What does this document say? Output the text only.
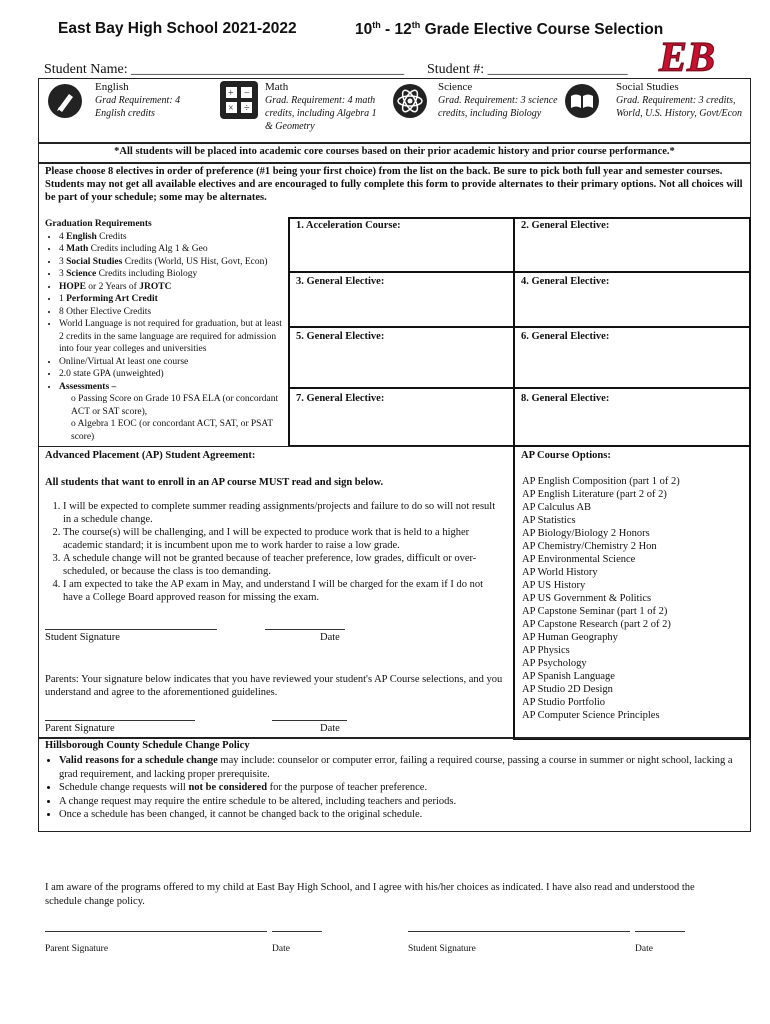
East Bay High School 2021-2022	10th - 12th Grade Elective Course Selection
EB
Student Name: _______________________________________ Student #: ____________________
English
Grad Requirement: 4 English credits
+ −
× ÷
Math
Grad. Requirement: 4 math credits, including Algebra 1 & Geometry
Science
Grad. Requirement: 3 science credits, including Biology
Social Studies
Grad. Requirement: 3 credits, World, U.S. History, Govt/Econ
*All students will be placed into academic core courses based on their prior academic history and prior course performance.*
Please choose 8 electives in order of preference (#1 being your first choice) from the list on the back. Be sure to pick both full year and semester courses.
Students may not get all available electives and are encouraged to fully complete this form to provide alternates to their primary options. Not all choices will be part of your schedule; some may be alternates.
Graduation Requirements
• 4 English Credits
• 4 Math Credits including Alg 1 & Geo
• 3 Social Studies Credits (World, US Hist, Govt, Econ)
• 3 Science Credits including Biology
• HOPE or 2 Years of JROTC
• 1 Performing Art Credit
• 8 Other Elective Credits
• World Language is not required for graduation, but at least 2 credits in the same language are required for admission into four year colleges and universities
• Online/Virtual At least one course
• 2.0 state GPA (unweighted)
• Assessments –
o Passing Score on Grade 10 FSA ELA (or concordant ACT or SAT score),
o Algebra 1 EOC (or concordant ACT, SAT, or PSAT score)
1. Acceleration Course:	2. General Elective:
3. General Elective:	4. General Elective:
5. General Elective:	6. General Elective:
7. General Elective:	8. General Elective:
Advanced Placement (AP) Student Agreement:
All students that want to enroll in an AP course MUST read and sign below.
1. I will be expected to complete summer reading assignments/projects and failure to do so will not result in a schedule change.
2. The course(s) will be challenging, and I will be expected to produce work that is held to a higher academic standard; it is incumbent upon me to work harder to raise a low grade.
3. A schedule change will not be granted because of teacher preference, low grades, difficult or over-scheduled, or because the class is too demanding.
4. I am expected to take the AP exam in May, and understand I will be charged for the exam if I do not have a College Board approved reason for missing the exam.
Student Signature	Date
Parents: Your signature below indicates that you have reviewed your student's AP Course selections, and you understand and agree to the aforementioned guidelines.
Parent Signature	Date
AP Course Options:
AP English Composition (part 1 of 2)
AP English Literature (part 2 of 2)
AP Calculus AB
AP Statistics
AP Biology/Biology 2 Honors
AP Chemistry/Chemistry 2 Hon
AP Environmental Science
AP World History
AP US History
AP US Government & Politics
AP Capstone Seminar (part 1 of 2)
AP Capstone Research (part 2 of 2)
AP Human Geography
AP Physics
AP Psychology
AP Spanish Language
AP Studio 2D Design
AP Studio Portfolio
AP Computer Science Principles
Hillsborough County Schedule Change Policy
• Valid reasons for a schedule change may include: counselor or computer error, failing a required course, passing a course in summer or night school, lacking a grad requirement, and lacking proper prerequisite.
• Schedule change requests will not be considered for the purpose of teacher preference.
• A change request may require the entire schedule to be altered, including teachers and periods.
• Once a schedule has been changed, it cannot be changed back to the original schedule.
I am aware of the programs offered to my child at East Bay High School, and I agree with his/her choices as indicated. I have also read and understood the schedule change policy.
Parent Signature	Date	Student Signature	Date
